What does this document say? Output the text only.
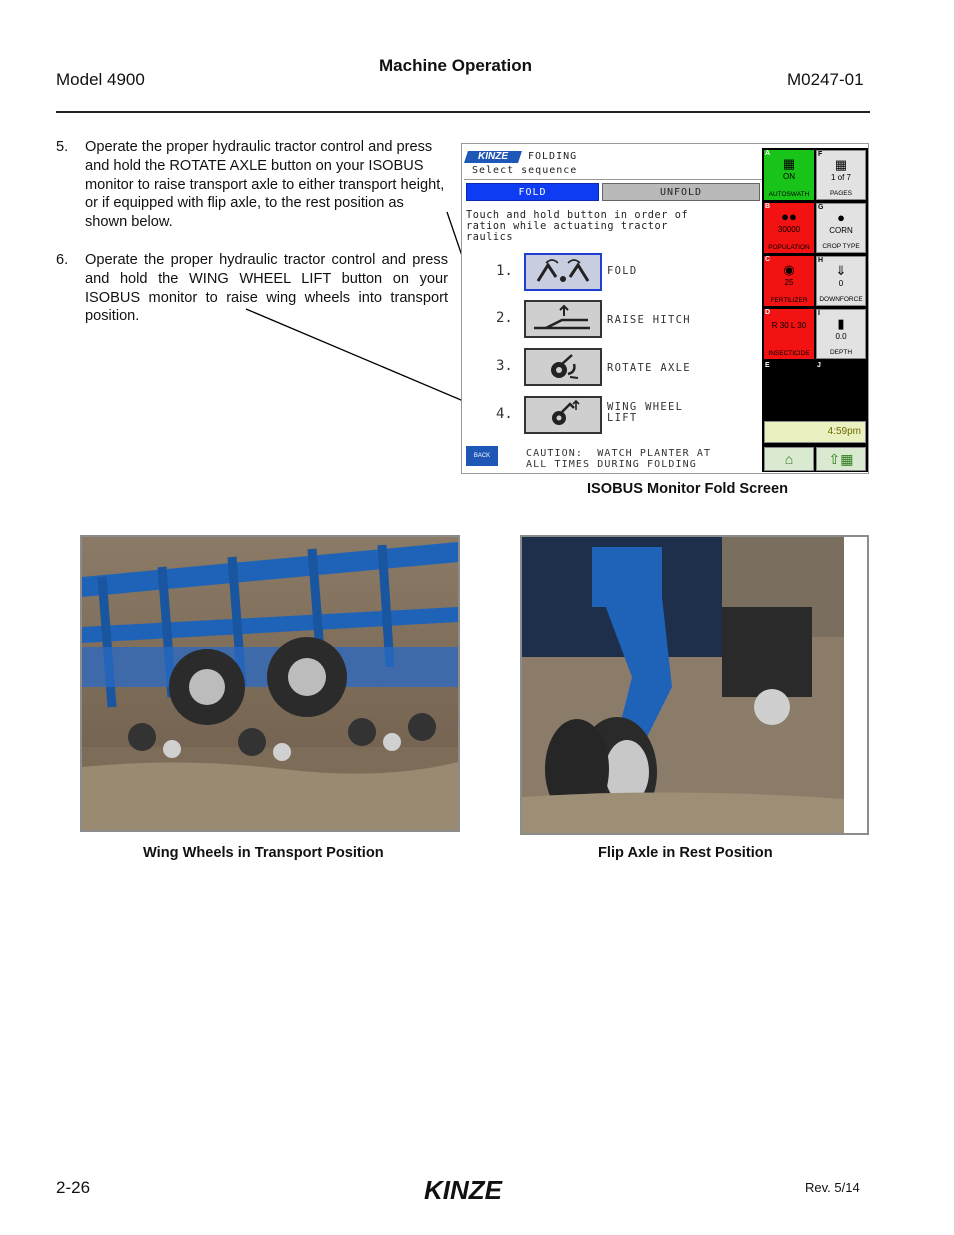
Model 4900
Machine Operation
M0247-01
5. Operate the proper hydraulic tractor control and press and hold the ROTATE AXLE button on your ISOBUS monitor to raise transport axle to either transport height, or if equipped with flip axle, to the rest position as shown below.
6. Operate the proper hydraulic tractor control and press and hold the WING WHEEL LIFT button on your ISOBUS monitor to raise wing wheels into transport position.
KINZE	FOLDING
Select sequence
FOLD	UNFOLD
Touch and hold button in order of
ration while actuating tractor
raulics
1.	FOLD
2.	RAISE HITCH
3.	ROTATE AXLE
4.	WING WHEEL
LIFT
BACK	CAUTION:  WATCH PLANTER AT
ALL TIMES DURING FOLDING
A
▦
ON
AUTOSWATH
F
▦
1 of 7
PAGES
B
●●
30000
POPULATION
G
●
CORN
CROP TYPE
C
◉
25
FERTILIZER
H
⇓
0
DOWNFORCE
D
R 30 L 30
INSECTICIDE
I
▮
0.0
DEPTH
E	J
4:59pm
⌂	⇧▦
ISOBUS Monitor Fold Screen
Wing Wheels in Transport Position	Flip Axle in Rest Position
2-26	KINZE	Rev. 5/14
